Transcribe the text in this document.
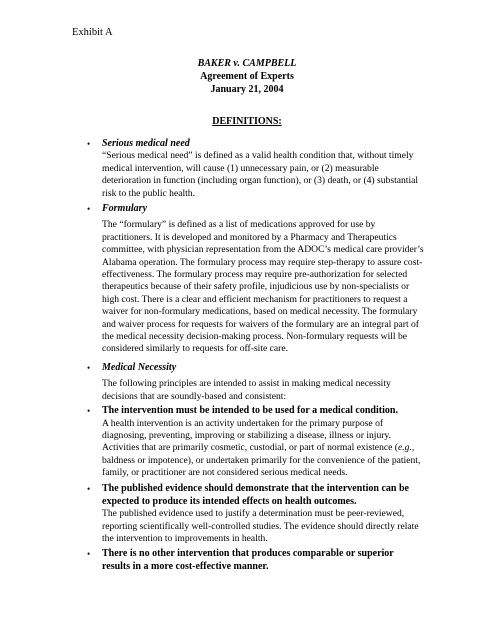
Exhibit A
BAKER v. CAMPBELL
Agreement of Experts
January 21, 2004
DEFINITIONS:
• Serious medical need

“Serious medical need” is defined as a valid health condition that, without timely medical intervention, will cause (1) unnecessary pain, or (2) measurable deterioration in function (including organ function), or (3) death, or (4) substantial risk to the public health.

• Formulary

The “formulary” is defined as a list of medications approved for use by practitioners. It is developed and monitored by a Pharmacy and Therapeutics committee, with physician representation from the ADOC’s medical care provider’s Alabama operation. The formulary process may require step-therapy to assure cost-effectiveness. The formulary process may require pre-authorization for selected therapeutics because of their safety profile, injudicious use by non-specialists or high cost. There is a clear and efficient mechanism for practitioners to request a waiver for non-formulary medications, based on medical necessity. The formulary and waiver process for requests for waivers of the formulary are an integral part of the medical necessity decision-making process. Non-formulary requests will be considered similarly to requests for off-site care.

• Medical Necessity

The following principles are intended to assist in making medical necessity decisions that are soundly-based and consistent:

• The intervention must be intended to be used for a medical condition.

A health intervention is an activity undertaken for the primary purpose of diagnosing, preventing, improving or stabilizing a disease, illness or injury. Activities that are primarily cosmetic, custodial, or part of normal existence (e.g., baldness or impotence), or undertaken primarily for the convenience of the patient, family, or practitioner are not considered serious medical needs.

• The published evidence should demonstrate that the intervention can be expected to produce its intended effects on health outcomes.

The published evidence used to justify a determination must be peer-reviewed, reporting scientifically well-controlled studies. The evidence should directly relate the intervention to improvements in health.

• There is no other intervention that produces comparable or superior results in a more cost-effective manner.
